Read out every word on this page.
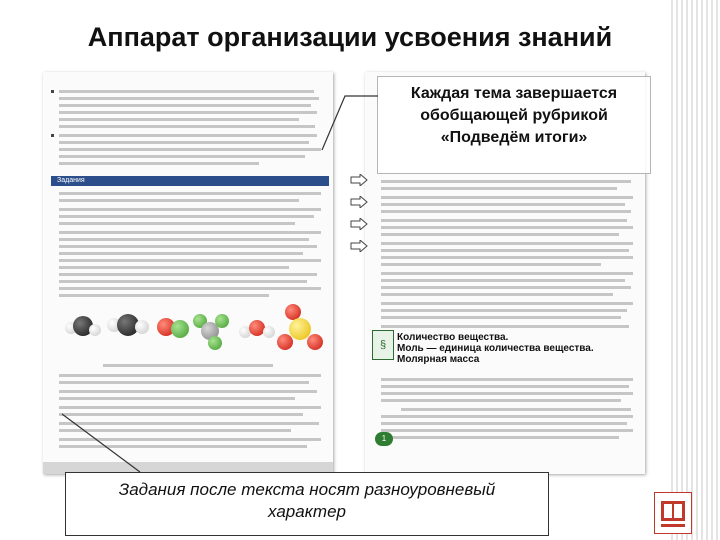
Аппарат организации усвоения знаний
Задания
§
Количество вещества.
Моль — единица количества вещества.
Молярная масса
1
Каждая тема завершается
обобщающей рубрикой
«Подведём итоги»
Задания после текста носят разноуровневый
характер
